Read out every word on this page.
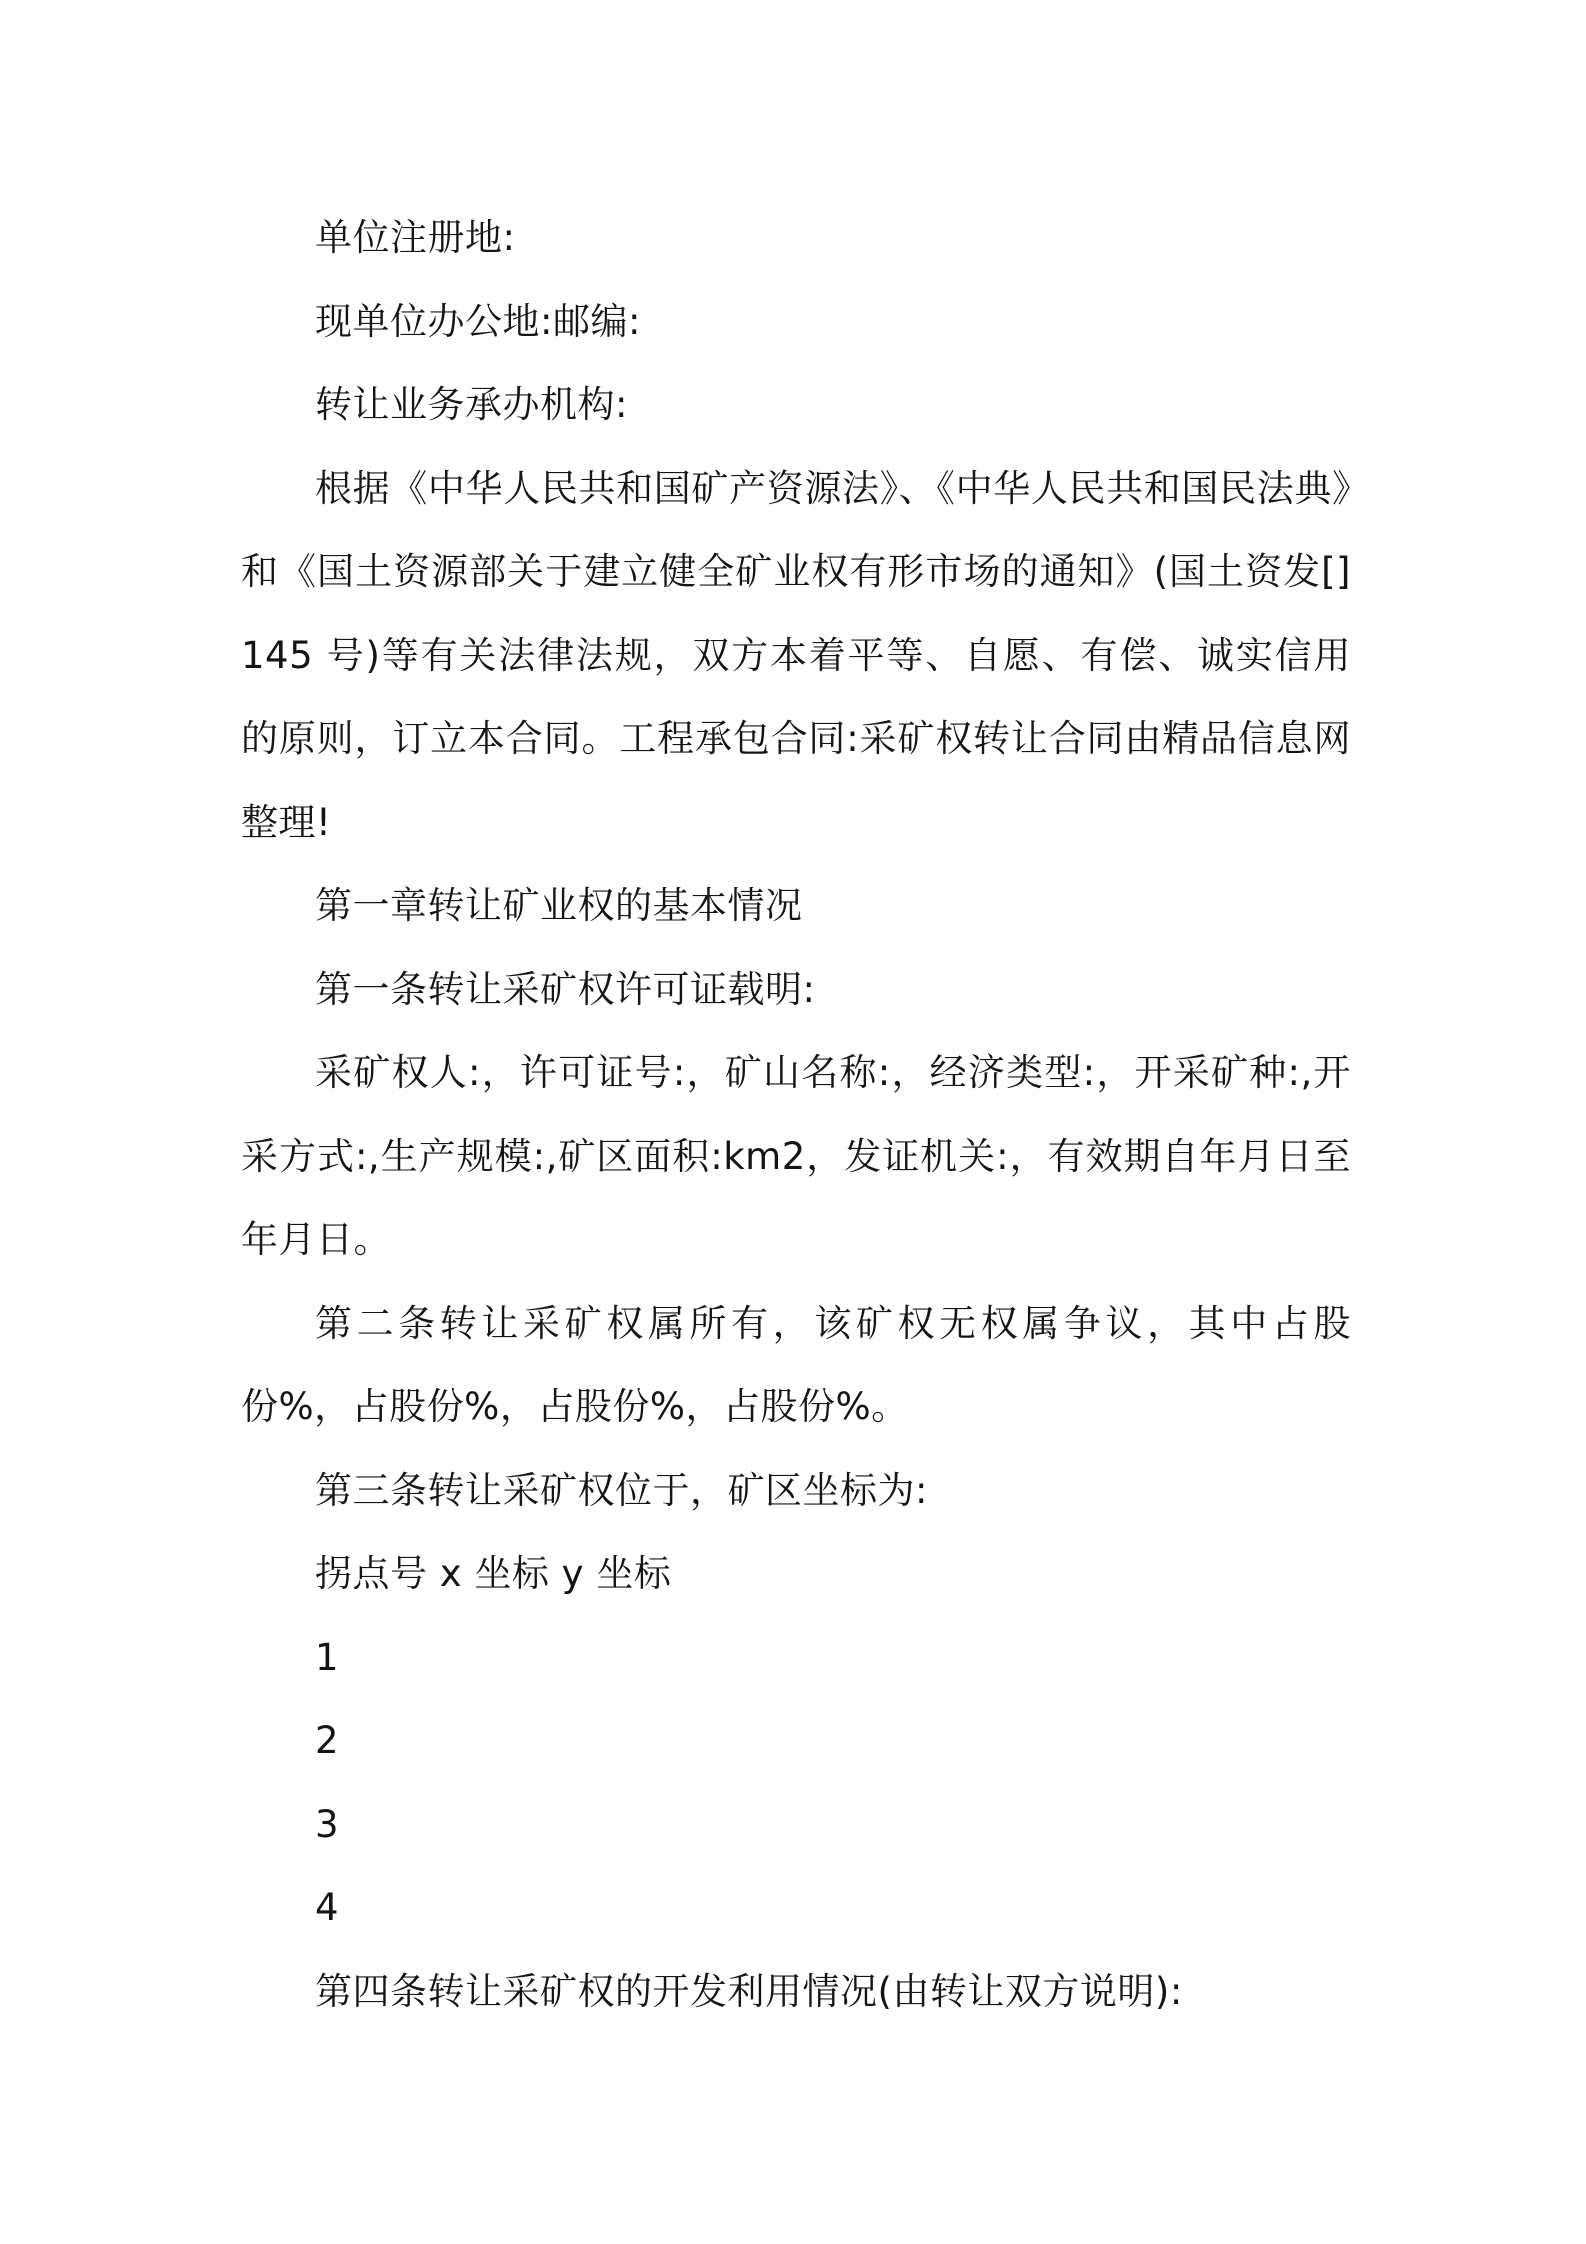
单位注册地:

现单位办公地:邮编:

转让业务承办机构:

根据《中华人民共和国矿产资源法》、《中华人民共和国民法典》和《国土资源部关于建立健全矿业权有形市场的通知》(国土资发[]145 号)等有关法律法规，双方本着平等、自愿、有偿、诚实信用的原则，订立本合同。工程承包合同:采矿权转让合同由精品信息网整理!

第一章转让矿业权的基本情况

第一条转让采矿权许可证载明:

采矿权人:，许可证号:，矿山名称:，经济类型:，开采矿种:,开采方式:,生产规模:,矿区面积:km2，发证机关:，有效期自年月日至年月日。

第二条转让采矿权属所有，该矿权无权属争议，其中占股份%，占股份%，占股份%，占股份%。

第三条转让采矿权位于，矿区坐标为:

拐点号 x 坐标 y 坐标

1

2

3

4

第四条转让采矿权的开发利用情况(由转让双方说明):
